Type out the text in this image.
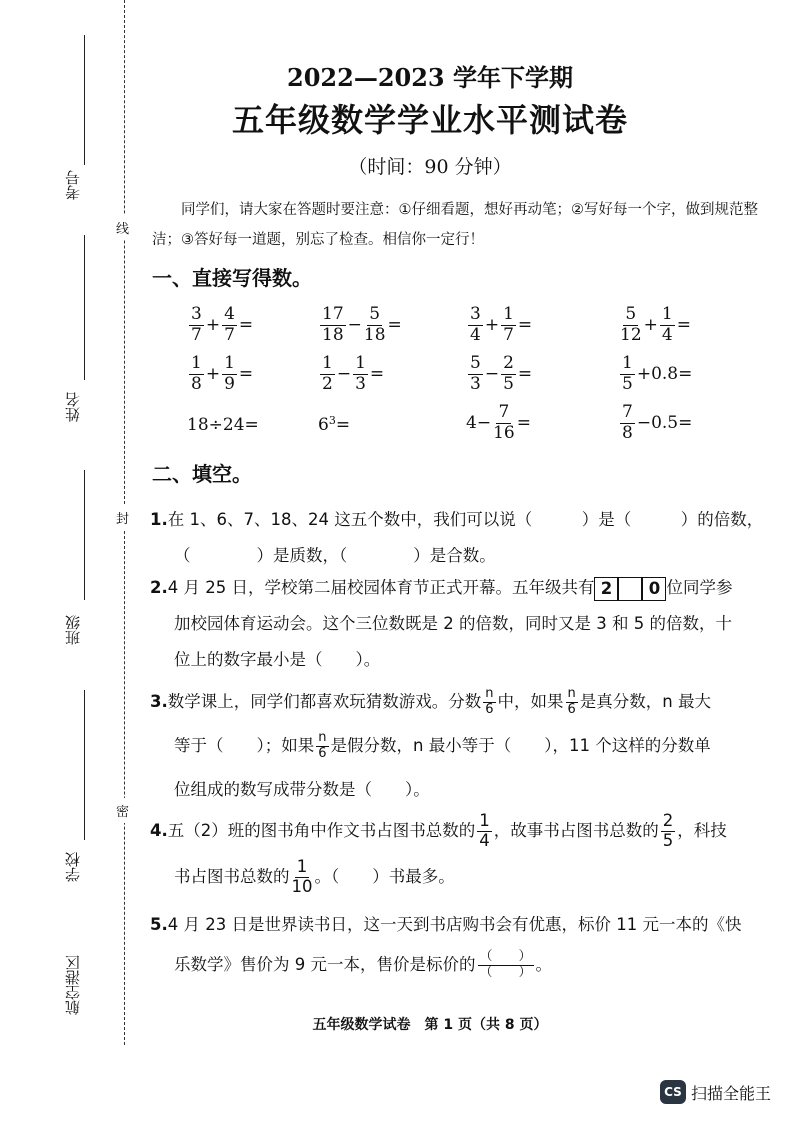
考号
姓名
班级
学校
航空港区
线
封
密
2022—2023 学年下学期
五年级数学学业水平测试卷
（时间：90 分钟）
同学们，请大家在答题时要注意：①仔细看题，想好再动笔；②写好每一个字，做到规范整洁；③答好每一道题，别忘了检查。相信你一定行！
一、直接写得数。
$\frac{3}{7} + \frac{4}{7}$ =	$\frac{17}{18} - \frac{5}{18}$ =	$\frac{3}{4} + \frac{1}{7}$ =	$\frac{5}{12} + \frac{1}{4}$ =
$\frac{1}{8} + \frac{1}{9}$ =	$\frac{1}{2} - \frac{1}{3}$ =	$\frac{5}{3} - \frac{2}{5}$ =	$\frac{1}{5} +0.8=$
18÷24=	$6^3$ =	$4- \frac{7}{16}$ =	$\frac{7}{8} -0.5=$
二、填空。
1.在 1、6、7、18、24 这五个数中，我们可以说（　　　）是（　　　）的倍数，
（　　　　）是质数，（　　　　）是合数。
2.4 月 25 日，学校第二届校园体育节正式开幕。五年级共有 2 0 位同学参
加校园体育运动会。这个三位数既是 2 的倍数，同时又是 3 和 5 的倍数，十
位上的数字最小是（　　）。
3.数学课上，同学们都喜欢玩猜数游戏。分数 $\frac{n}{6}$ 中，如果 $\frac{n}{6}$ 是真分数，n 最大
等于（　　）；如果 $\frac{n}{6}$ 是假分数，n 最小等于（　　），11 个这样的分数单
位组成的数写成带分数是（　　）。
4.五（2）班的图书角中作文书占图书总数的 $\frac{1}{4}$ ，故事书占图书总数的 $\frac{2}{5}$ ，科技
书占图书总数的 $\frac{1}{10}$ 。（　　）书最多。
5.4 月 23 日是世界读书日，这一天到书店购书会有优惠，标价 11 元一本的《快
乐数学》售价为 9 元一本，售价是标价的 $\frac{( )}{( )}$ 。
五年级数学试卷　第 1 页（共 8 页）
CS 扫描全能王
